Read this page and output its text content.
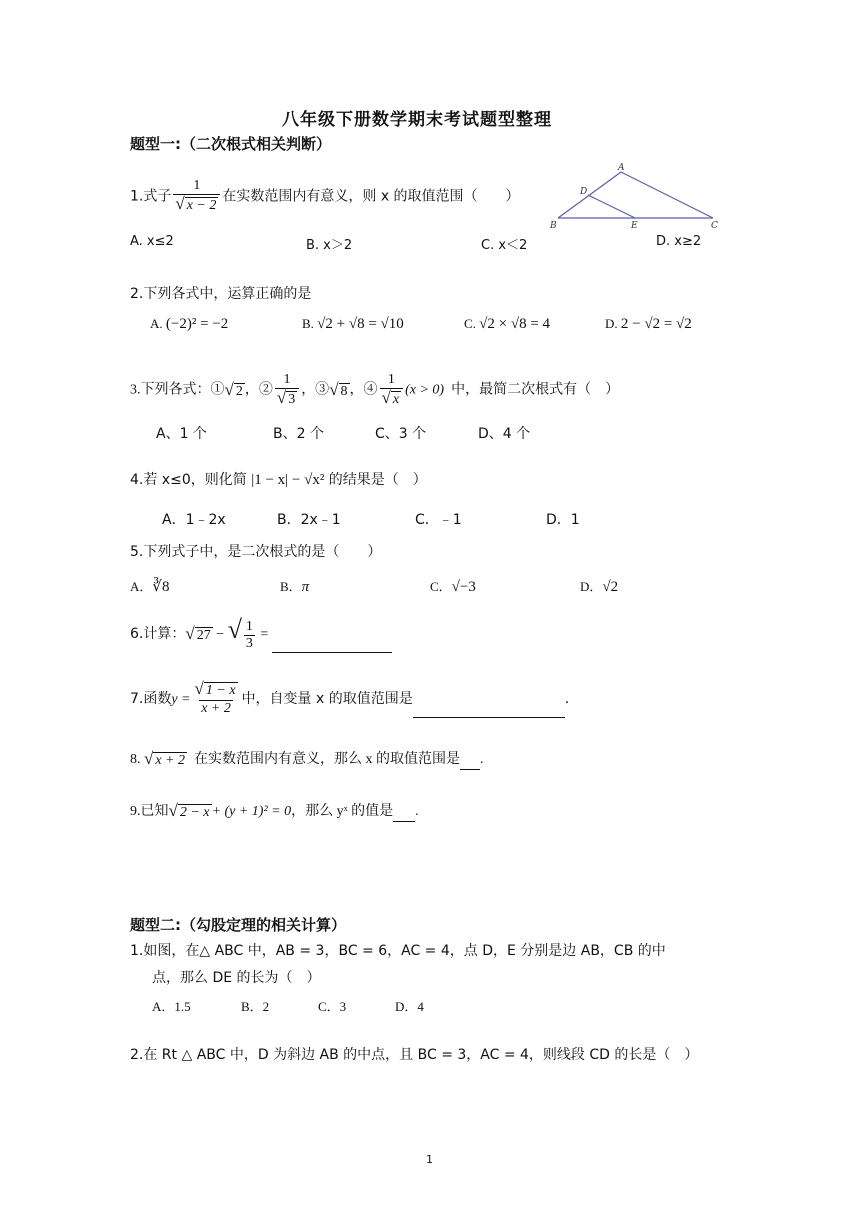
八年级下册数学期末考试题型整理
题型一:（二次根式相关判断）
A
D
B	E	C
1.式子 $\frac{1}{√ x - 2}$ 在实数范围内有意义，则 x 的取值范围（　　）
A. x≤2	B. x＞2	C. x＜2	D. x≥2
2.下列各式中，运算正确的是
A. (−2)² = −2	B. √2 + √8 = √10	C. √2 × √8 = 4	D. 2 − √2 = √2
3.下列各式：① √ 2 ，② $\frac{1}{√ 3}$ ，③ √ 8 ，④ $\frac{1}{√ x} (x > 0)$ 中，最简二次根式有（　）
A、1 个	B、2 个	C、3 个	D、4 个
4.若 x≤0，则化简 |1 − x| − √x² 的结果是（　）
A．1﹣2x	B．2x﹣1	C．﹣1	D．1
5.下列式子中，是二次根式的是（　　）
A．∛8	B．π	C．√−3	D．√2
6.计算： √ 27 − √ $\frac{1}{3}$ =
7.函数$y = \frac{√ 1 - x}{x + 2}$ 中，自变量 x 的取值范围是	.
8. √ x + 2 在实数范围内有意义，那么 x 的取值范围是 .
9.已知 √ 2 − x + (y + 1)² = 0，那么 yˣ 的值是 .
题型二:（勾股定理的相关计算）
1.如图，在△ ABC 中，AB = 3，BC = 6，AC = 4，点 D，E 分别是边 AB，CB 的中
点，那么 DE 的长为（　）
A．1.5	B．2	C．3	D．4
2.在 Rt △ ABC 中，D 为斜边 AB 的中点，且 BC = 3，AC = 4，则线段 CD 的长是（　）
1
